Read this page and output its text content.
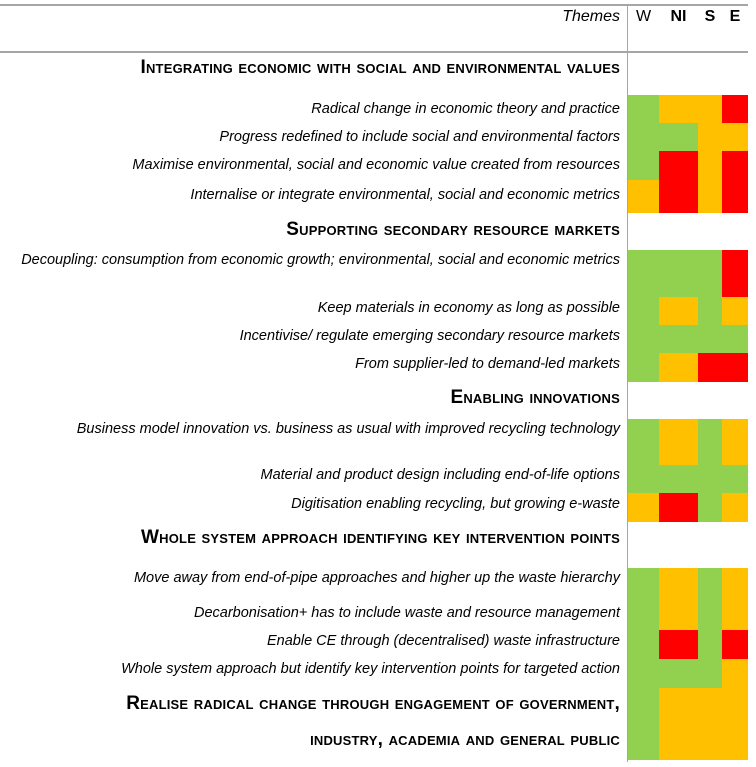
Themes W	NI	S E
Integrating economic with social and environmental values
Radical change in economic theory and practice
Progress redefined to include social and environmental factors
Maximise environmental, social and economic value created from resources
Internalise or integrate environmental, social and economic metrics
Supporting secondary resource markets
Decoupling: consumption from economic growth; environmental, social and economic metrics
Keep materials in economy as long as possible
Incentivise/ regulate emerging secondary resource markets
From supplier-led to demand-led markets
Enabling innovations
Business model innovation vs. business as usual with improved recycling technology
Material and product design including end-of-life options
Digitisation enabling recycling, but growing e-waste
Whole system approach identifying key intervention points
Move away from end-of-pipe approaches and higher up the waste hierarchy
Decarbonisation+ has to include waste and resource management
Enable CE through (decentralised) waste infrastructure
Whole system approach but identify key intervention points for targeted action
Realise radical change through engagement of government, industry, academia and general public
